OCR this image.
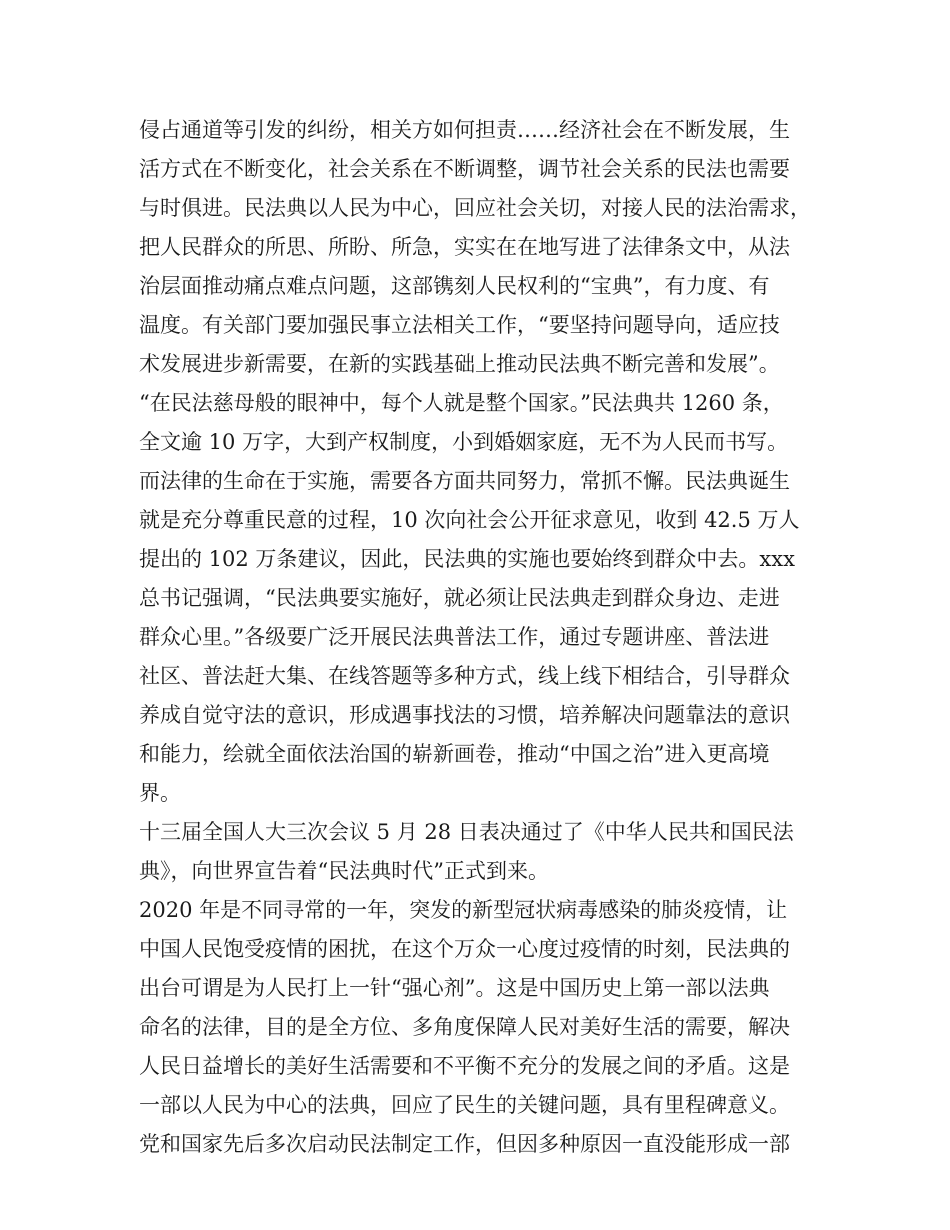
侵占通道等引发的纠纷，相关方如何担责……经济社会在不断发展，生
活方式在不断变化，社会关系在不断调整，调节社会关系的民法也需要
与时俱进。民法典以人民为中心，回应社会关切，对接人民的法治需求，
把人民群众的所思、所盼、所急，实实在在地写进了法律条文中，从法
治层面推动痛点难点问题，这部镌刻人民权利的“宝典”，有力度、有
温度。有关部门要加强民事立法相关工作，“要坚持问题导向，适应技
术发展进步新需要，在新的实践基础上推动民法典不断完善和发展”。
“在民法慈母般的眼神中，每个人就是整个国家。”民法典共 1260 条，
全文逾 10 万字，大到产权制度，小到婚姻家庭，无不为人民而书写。
而法律的生命在于实施，需要各方面共同努力，常抓不懈。民法典诞生
就是充分尊重民意的过程，10 次向社会公开征求意见，收到 42.5 万人
提出的 102 万条建议，因此，民法典的实施也要始终到群众中去。xxx
总书记强调，“民法典要实施好，就必须让民法典走到群众身边、走进
群众心里。”各级要广泛开展民法典普法工作，通过专题讲座、普法进
社区、普法赶大集、在线答题等多种方式，线上线下相结合，引导群众
养成自觉守法的意识，形成遇事找法的习惯，培养解决问题靠法的意识
和能力，绘就全面依法治国的崭新画卷，推动“中国之治”进入更高境
界。
十三届全国人大三次会议 5 月 28 日表决通过了《中华人民共和国民法
典》，向世界宣告着“民法典时代”正式到来。
2020 年是不同寻常的一年，突发的新型冠状病毒感染的肺炎疫情，让
中国人民饱受疫情的困扰，在这个万众一心度过疫情的时刻，民法典的
出台可谓是为人民打上一针“强心剂”。这是中国历史上第一部以法典
命名的法律，目的是全方位、多角度保障人民对美好生活的需要，解决
人民日益增长的美好生活需要和不平衡不充分的发展之间的矛盾。这是
一部以人民为中心的法典，回应了民生的关键问题，具有里程碑意义。
党和国家先后多次启动民法制定工作，但因多种原因一直没能形成一部
